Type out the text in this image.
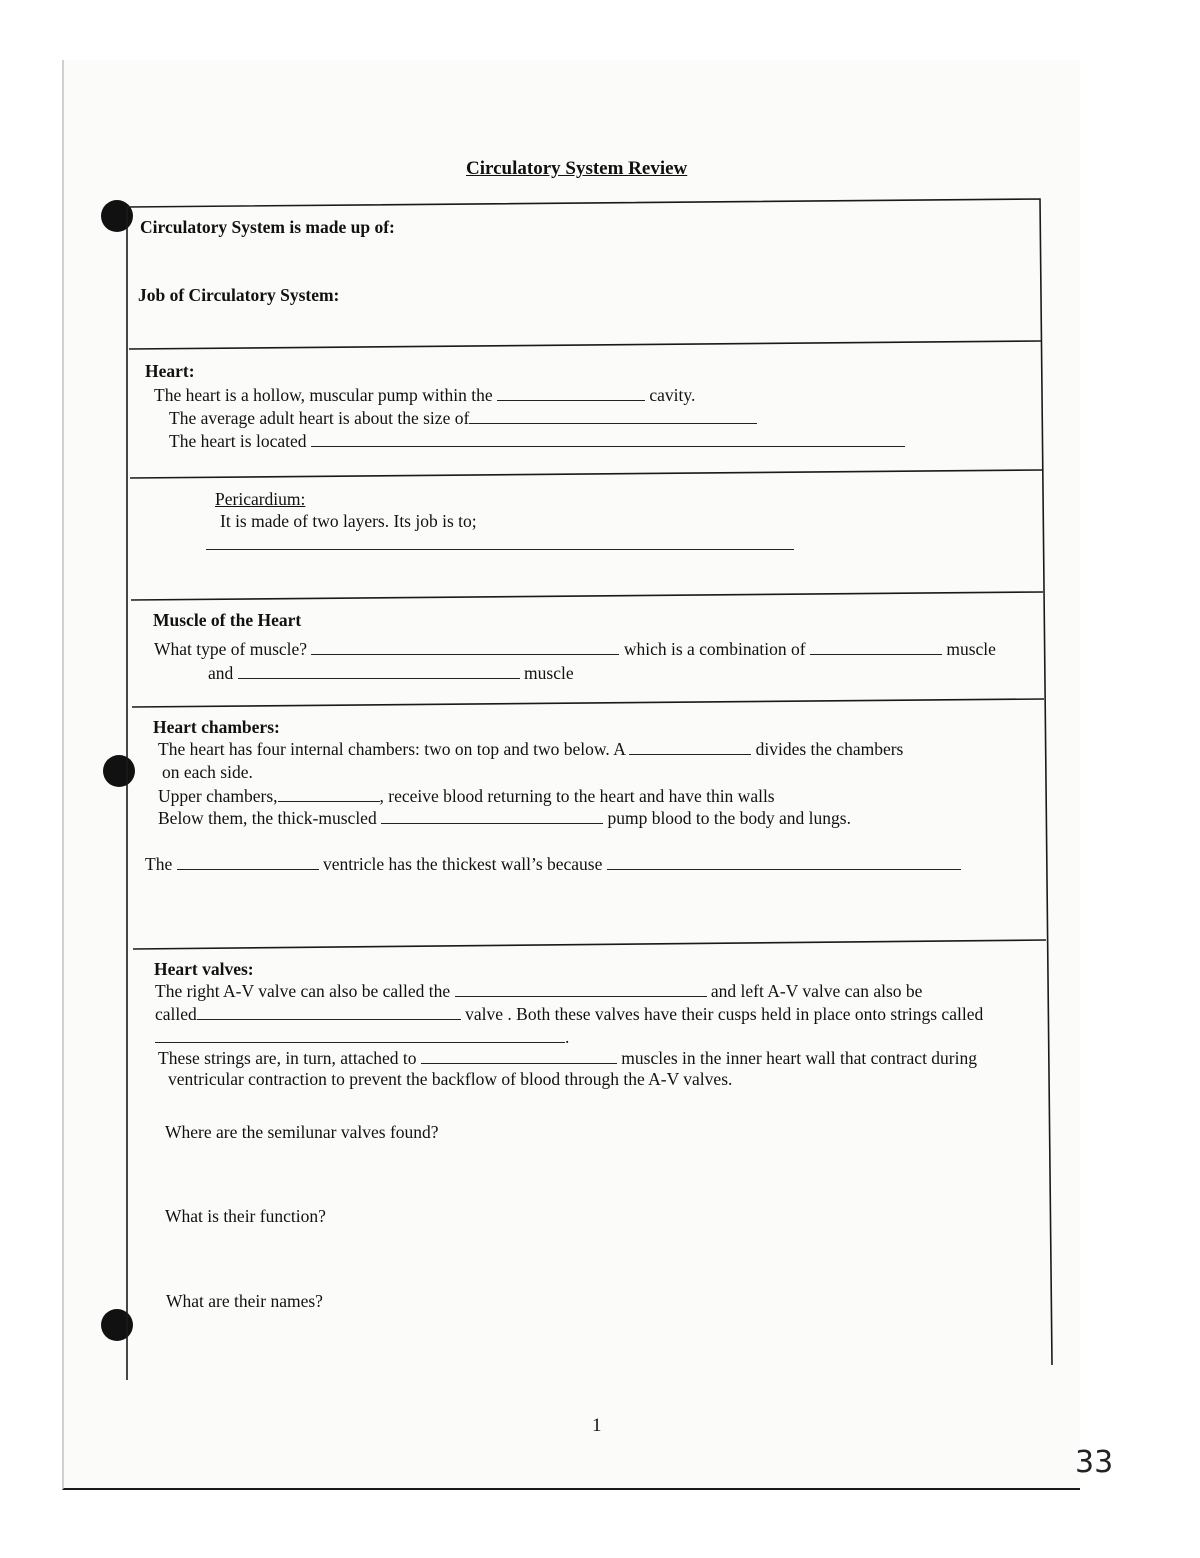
Circulatory System Review
Circulatory System is made up of:
Job of Circulatory System:
Heart:
The heart is a hollow, muscular pump within the	cavity.
The average adult heart is about the size of
The heart is located
Pericardium:
It is made of two layers. Its job is to;
Muscle of the Heart
What type of muscle?	which is a combination of	muscle
and	muscle
Heart chambers:
The heart has four internal chambers: two on top and two below. A	divides the chambers
on each side.
Upper chambers,	, receive blood returning to the heart and have thin walls
Below them, the thick-muscled	pump blood to the body and lungs.
The	ventricle has the thickest wall’s because
Heart valves:
The right A-V valve can also be called the	and left A-V valve can also be
called	valve . Both these valves have their cusps held in place onto strings called
.
These strings are, in turn, attached to	muscles in the inner heart wall that contract during
ventricular contraction to prevent the backflow of blood through the A-V valves.
Where are the semilunar valves found?
What is their function?
What are their names?
1
33
